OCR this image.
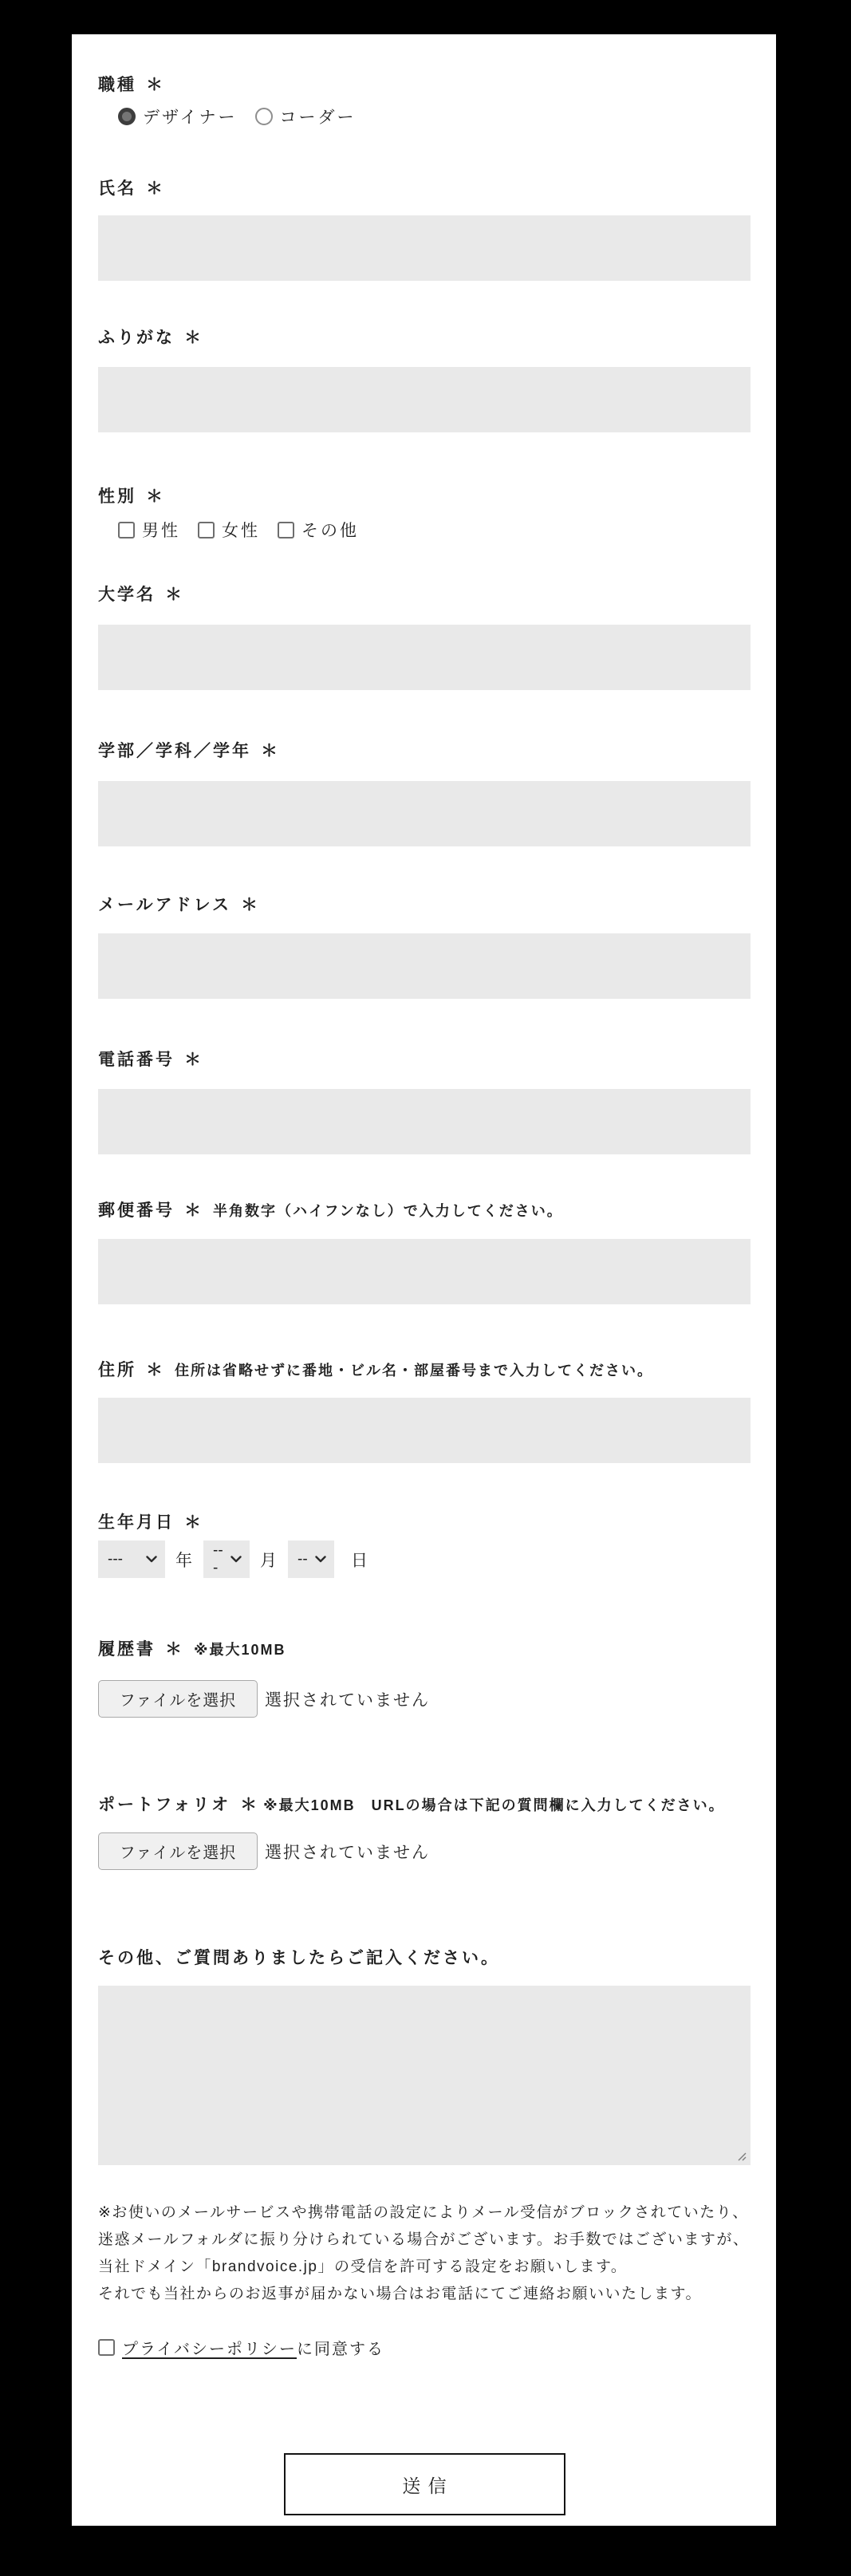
職種 ＊
デザイナー	コーダー
氏名 ＊
ふりがな ＊
性別 ＊
男性 女性 その他
大学名 ＊
学部／学科／学年 ＊
メールアドレス ＊
電話番号 ＊
郵便番号 ＊ 半角数字（ハイフンなし）で入力してください。
住所 ＊ 住所は省略せずに番地・ビル名・部屋番号まで入力してください。
生年月日 ＊
---	年
---	月 --	日
履歴書 ＊ ※最大10MB
ファイルを選択	選択されていません
ポートフォリオ ＊ ※最大10MB　URLの場合は下記の質問欄に入力してください。
ファイルを選択	選択されていません
その他、ご質問ありましたらご記入ください。
※お使いのメールサービスや携帯電話の設定によりメール受信がブロックされていたり、迷惑メールフォルダに振り分けられている場合がございます。お手数ではございますが、当社ドメイン「brandvoice.jp」の受信を許可する設定をお願いします。
それでも当社からのお返事が届かない場合はお電話にてご連絡お願いいたします。
プライバシーポリシーに同意する
送信
